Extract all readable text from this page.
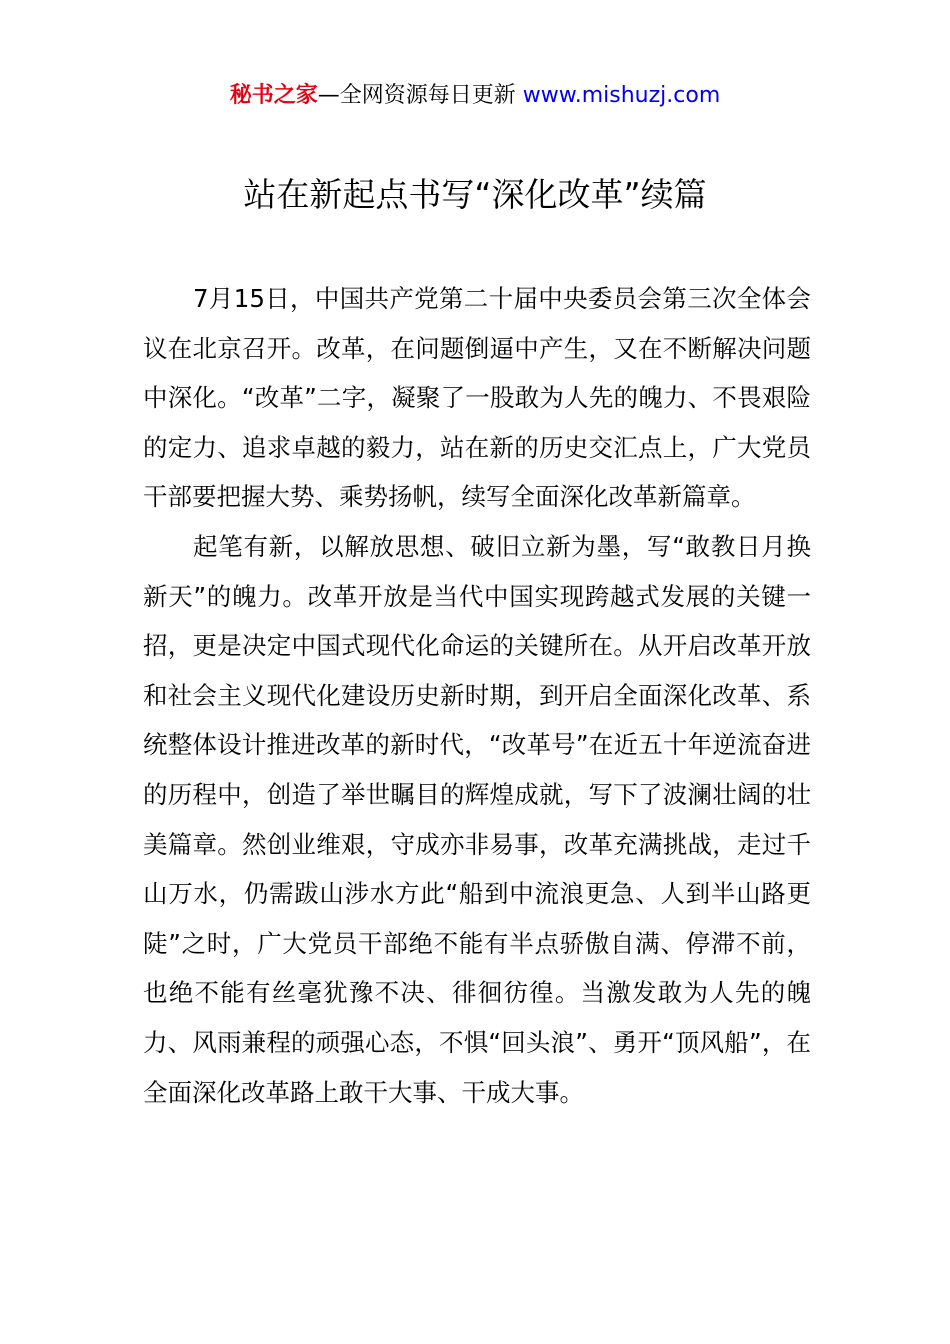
秘书之家—全网资源每日更新 www.mishuzj.com
站在新起点书写“深化改革”续篇

7月15日，中国共产党第二十届中央委员会第三次全体会议在北京召开。改革，在问题倒逼中产生，又在不断解决问题中深化。“改革”二字，凝聚了一股敢为人先的魄力、不畏艰险的定力、追求卓越的毅力，站在新的历史交汇点上，广大党员干部要把握大势、乘势扬帆，续写全面深化改革新篇章。

起笔有新，以解放思想、破旧立新为墨，写“敢教日月换新天”的魄力。改革开放是当代中国实现跨越式发展的关键一招，更是决定中国式现代化命运的关键所在。从开启改革开放和社会主义现代化建设历史新时期，到开启全面深化改革、系统整体设计推进改革的新时代，“改革号”在近五十年逆流奋进的历程中，创造了举世瞩目的辉煌成就，写下了波澜壮阔的壮美篇章。然创业维艰，守成亦非易事，改革充满挑战，走过千山万水，仍需跋山涉水方此“船到中流浪更急、人到半山路更陡”之时，广大党员干部绝不能有半点骄傲自满、停滞不前，也绝不能有丝毫犹豫不决、徘徊彷徨。当激发敢为人先的魄力、风雨兼程的顽强心态，不惧“回头浪”、勇开“顶风船”，在全面深化改革路上敢干大事、干成大事。
